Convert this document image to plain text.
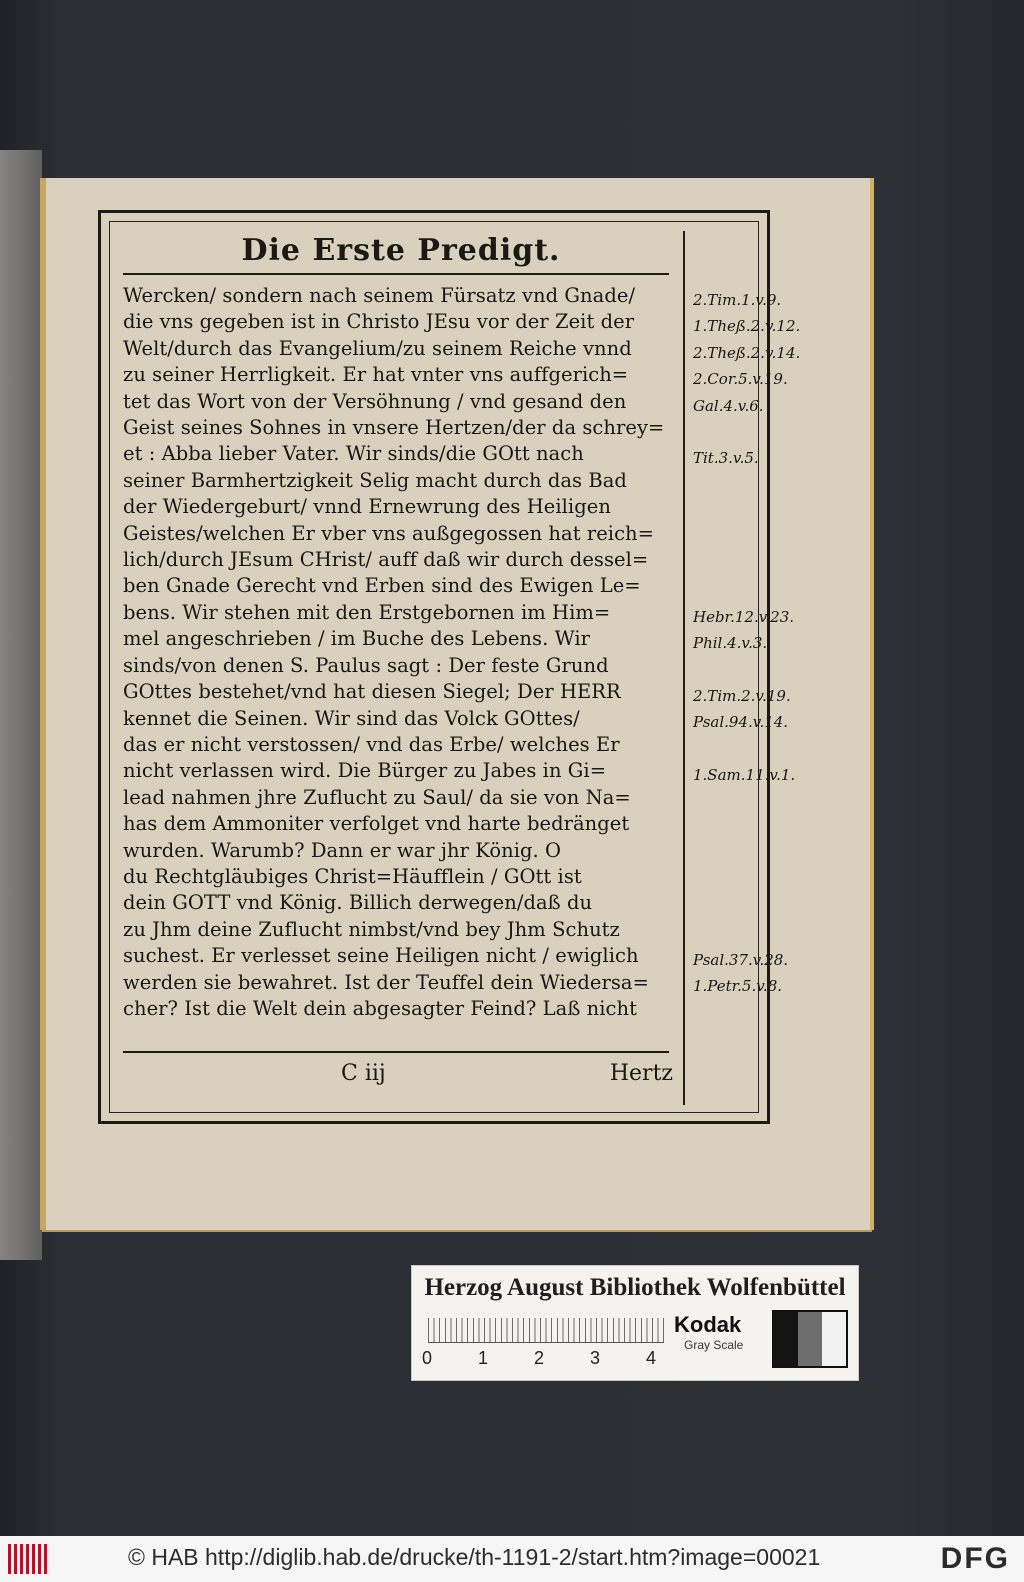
Die Erste Predigt.
Wercken/ sondern nach seinem Fürsatz vnd Gnade/
die vns gegeben ist in Christo JEsu vor der Zeit der
Welt/durch das Evangelium/zu seinem Reiche vnnd
zu seiner Herrligkeit. Er hat vnter vns auffgerich=
tet das Wort von der Versöhnung / vnd gesand den
Geist seines Sohnes in vnsere Hertzen/der da schrey=
et : Abba lieber Vater. Wir sinds/die GOtt nach
seiner Barmhertzigkeit Selig macht durch das Bad
der Wiedergeburt/ vnnd Ernewrung des Heiligen
Geistes/welchen Er vber vns außgegossen hat reich=
lich/durch JEsum CHrist/ auff daß wir durch dessel=
ben Gnade Gerecht vnd Erben sind des Ewigen Le=
bens. Wir stehen mit den Erstgebornen im Him=
mel angeschrieben / im Buche des Lebens. Wir
sinds/von denen S. Paulus sagt : Der feste Grund
GOttes bestehet/vnd hat diesen Siegel; Der HERR
kennet die Seinen. Wir sind das Volck GOttes/
das er nicht verstossen/ vnd das Erbe/ welches Er
nicht verlassen wird. Die Bürger zu Jabes in Gi=
lead nahmen jhre Zuflucht zu Saul/ da sie von Na=
has dem Ammoniter verfolget vnd harte bedränget
wurden. Warumb? Dann er war jhr König. O
du Rechtgläubiges Christ=Häufflein / GOtt ist
dein GOTT vnd König. Billich derwegen/daß du
zu Jhm deine Zuflucht nimbst/vnd bey Jhm Schutz
suchest. Er verlesset seine Heiligen nicht / ewiglich
werden sie bewahret. Ist der Teuffel dein Wiedersa=
cher? Ist die Welt dein abgesagter Feind? Laß nicht
C iij	Hertz
2.Tim.1.v.9.
1.Theß.2.v.12.
2.Theß.2.v.14.
2.Cor.5.v.19.
Gal.4.v.6.
Tit.3.v.5.
Hebr.12.v.23.
Phil.4.v.3.
2.Tim.2.v.19.
Psal.94.v.14.
1.Sam.11.v.1.
Psal.37.v.28.
1.Petr.5.v.8.
Herzog August Bibliothek Wolfenbüttel
0	1	2	3	4
Kodak
Gray Scale
© HAB http://diglib.hab.de/drucke/th-1191-2/start.htm?image=00021	DFG
